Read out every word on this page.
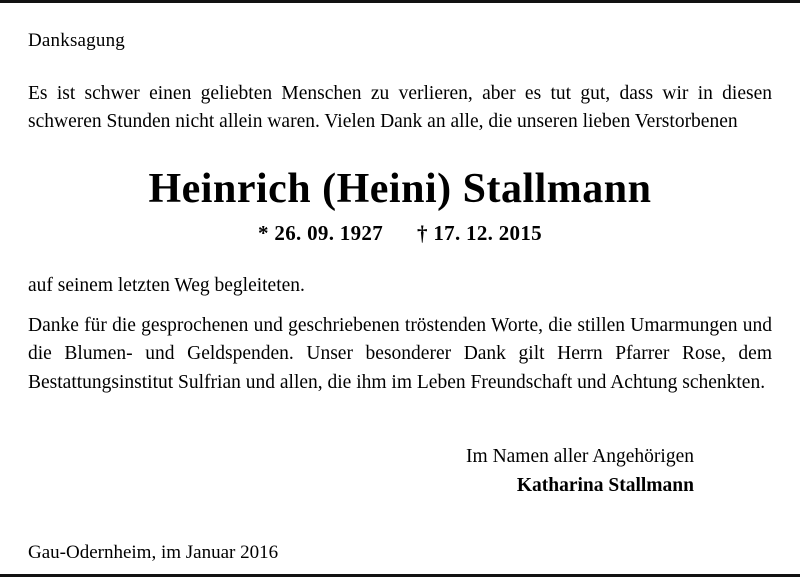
Danksagung

Es ist schwer einen geliebten Menschen zu verlieren, aber es tut gut, dass wir in diesen schweren Stunden nicht allein waren. Vielen Dank an alle, die unseren lieben Verstorbenen

Heinrich (Heini) Stallmann
* 26. 09. 1927 † 17. 12. 2015

auf seinem letzten Weg begleiteten.

Danke für die gesprochenen und geschriebenen tröstenden Worte, die stillen Umarmungen und die Blumen- und Geldspenden. Unser besonderer Dank gilt Herrn Pfarrer Rose, dem Bestattungsinstitut Sulfrian und allen, die ihm im Leben Freundschaft und Achtung schenkten.

Im Namen aller Angehörigen
Katharina Stallmann
Gau-Odernheim, im Januar 2016
